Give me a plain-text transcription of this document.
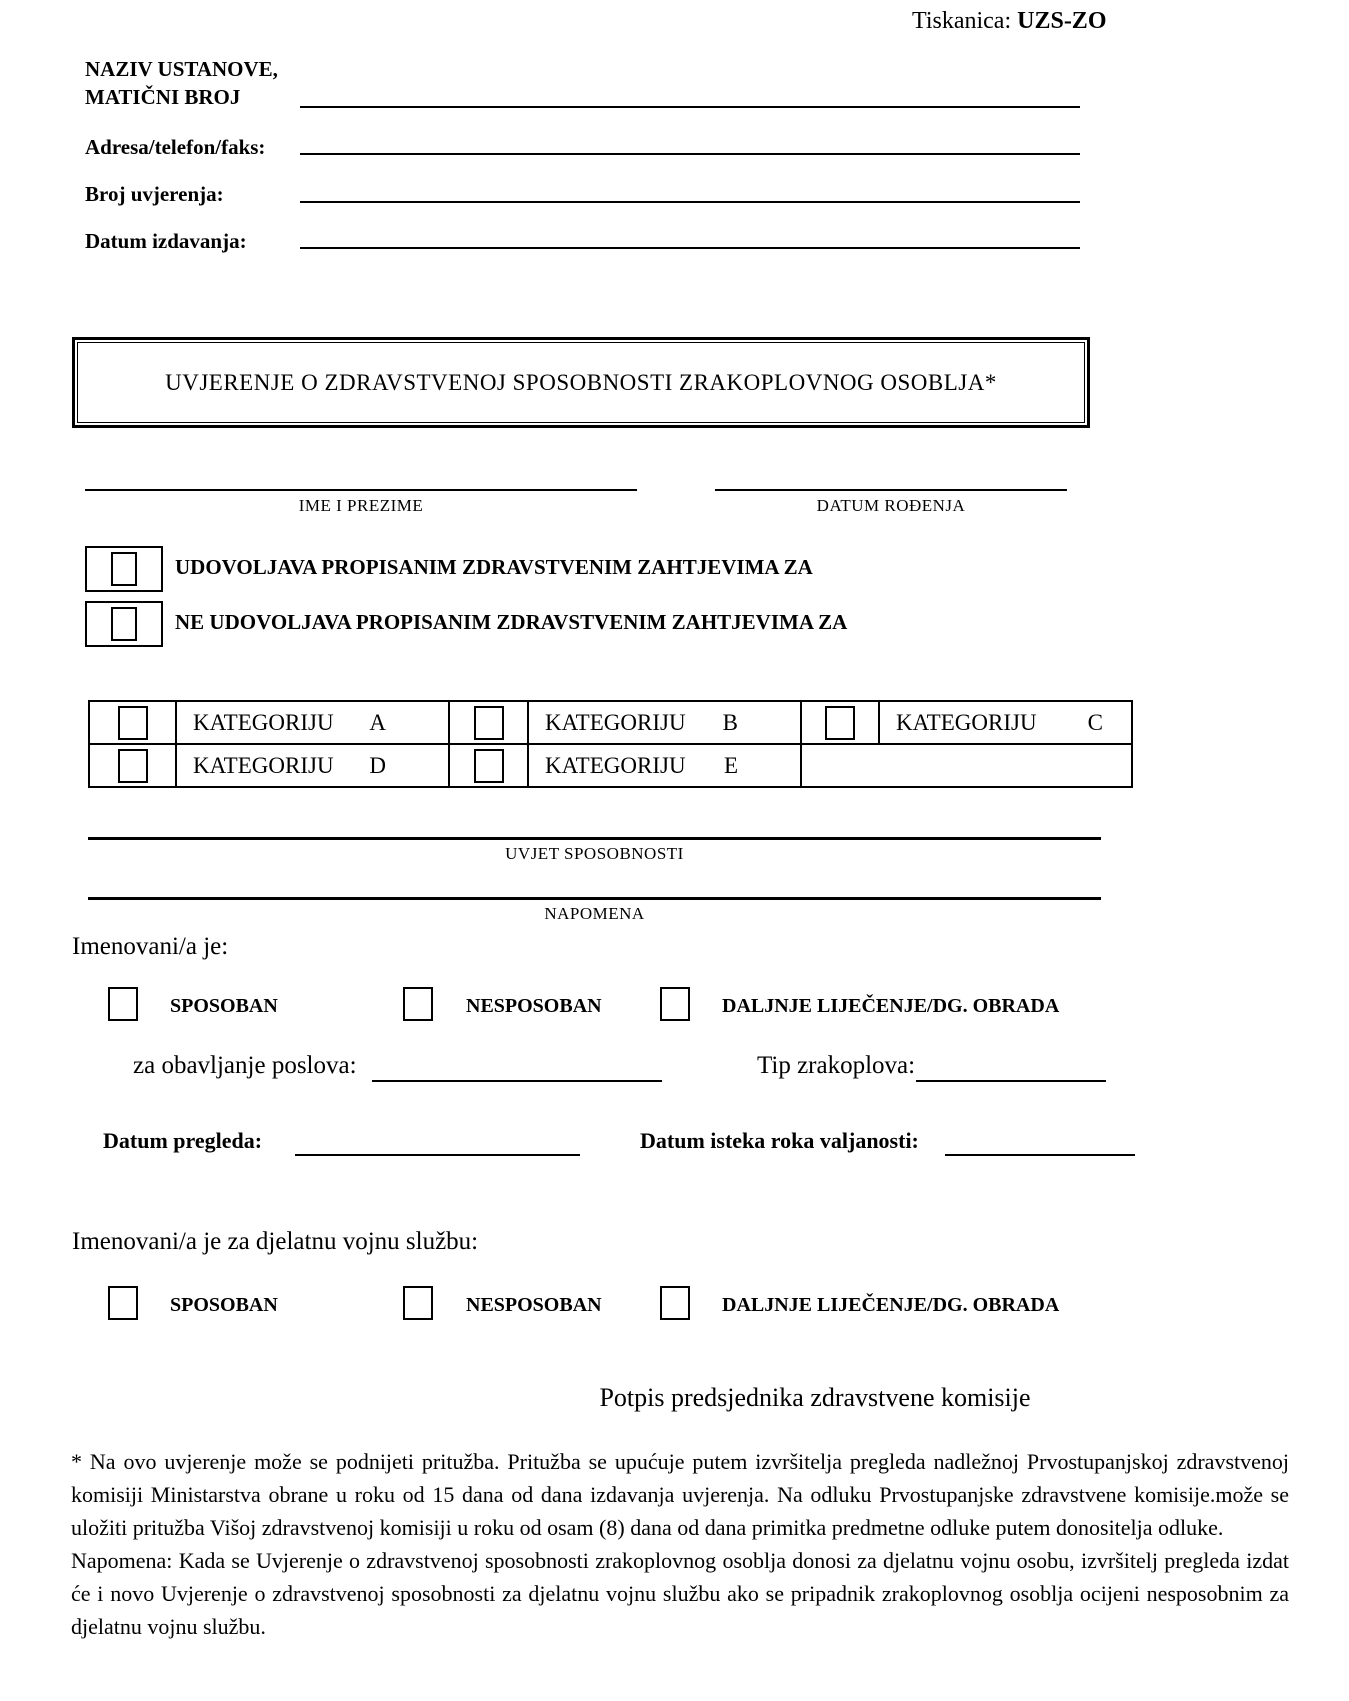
Tiskanica: UZS-ZO
NAZIV USTANOVE,
MATIČNI BROJ
Adresa/telefon/faks:
Broj uvjerenja:
Datum izdavanja:
UVJERENJE O ZDRAVSTVENOJ SPOSOBNOSTI ZRAKOPLOVNOG OSOBLJA*
IME I PREZIME	DATUM ROĐENJA
UDOVOLJAVA PROPISANIM ZDRAVSTVENIM ZAHTJEVIMA ZA
NE UDOVOLJAVA PROPISANIM ZDRAVSTVENIM ZAHTJEVIMA ZA

	KATEGORIJU A		KATEGORIJU B		KATEGORIJU C

	KATEGORIJU D		KATEGORIJU E		

UVJET SPOSOBNOSTI
NAPOMENA
Imenovani/a je:
SPOSOBAN	NESPOSOBAN	DALJNJE LIJEČENJE/DG. OBRADA
za obavljanje poslova:	Tip zrakoplova:
Datum pregleda:	Datum isteka roka valjanosti:
Imenovani/a je za djelatnu vojnu službu:
SPOSOBAN	NESPOSOBAN	DALJNJE LIJEČENJE/DG. OBRADA
Potpis predsjednika zdravstvene komisije

* Na ovo uvjerenje može se podnijeti pritužba. Pritužba se upućuje putem izvršitelja pregleda nadležnoj Prvostupanjskoj zdravstvenoj komisiji Ministarstva obrane u roku od 15 dana od dana izdavanja uvjerenja. Na odluku Prvostupanjske zdravstvene komisije.može se uložiti pritužba Višoj zdravstvenoj komisiji u roku od osam (8) dana od dana primitka predmetne odluke putem donositelja odluke.

Napomena: Kada se Uvjerenje o zdravstvenoj sposobnosti zrakoplovnog osoblja donosi za djelatnu vojnu osobu, izvršitelj pregleda izdat će i novo Uvjerenje o zdravstvenoj sposobnosti za djelatnu vojnu službu ako se pripadnik zrakoplovnog osoblja ocijeni nesposobnim za djelatnu vojnu službu.
